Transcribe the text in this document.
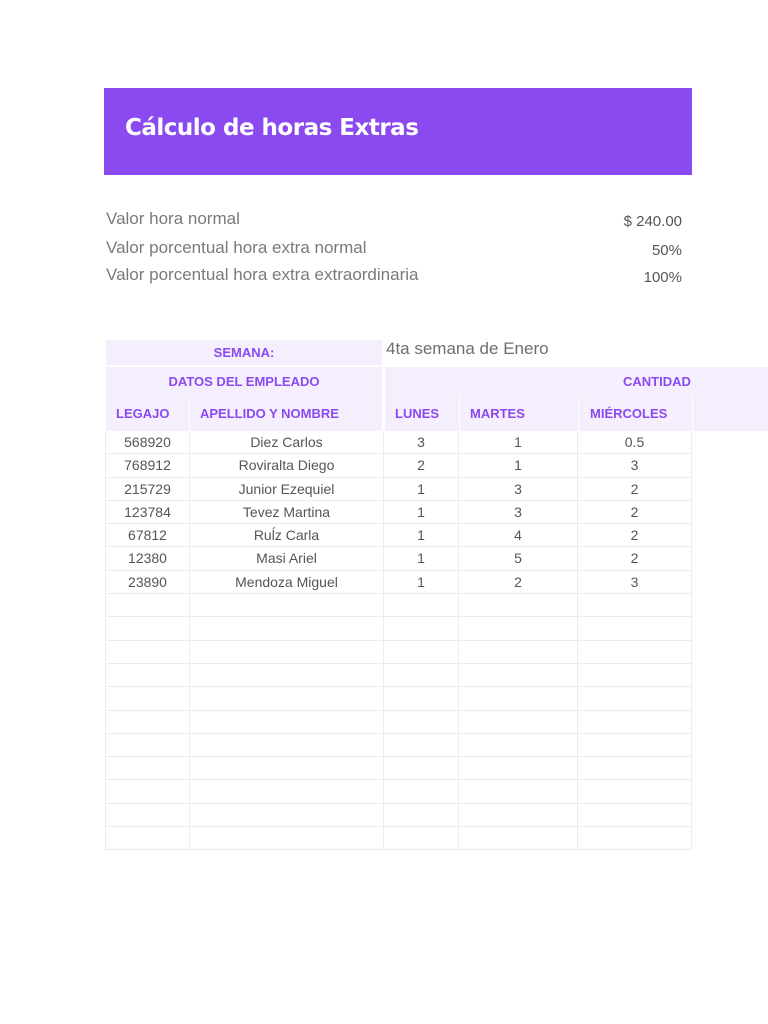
Cálculo de horas Extras
Valor hora normal	$ 240.00
Valor porcentual hora extra normal	50%
Valor porcentual hora extra extraordinaria	100%
SEMANA:	4ta semana de Enero
DATOS DEL EMPLEADO	CANTIDAD
LEGAJO	APELLIDO Y NOMBRE	LUNES	MARTES	MIÉRCOLES
568920	Diez Carlos	3	1	0.5
768912	Roviralta Diego	2	1	3
215729	Junior Ezequiel	1	3	2
123784	Tevez Martina	1	3	2
67812	Ruĺz Carla	1	4	2
12380	Masi Ariel	1	5	2
23890	Mendoza Miguel	1	2	3
